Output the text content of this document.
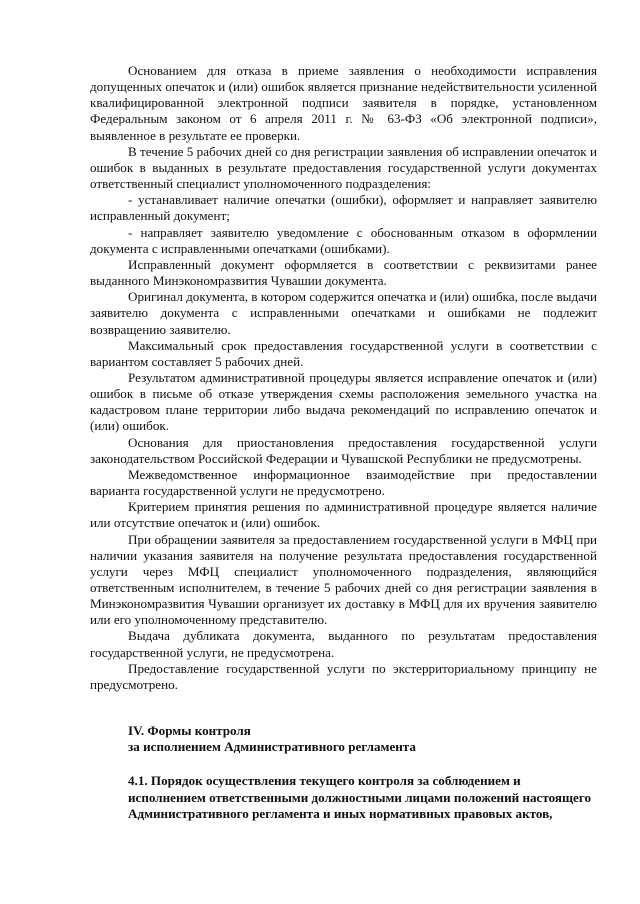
Основанием для отказа в приеме заявления о необходимости исправления допущенных опечаток и (или) ошибок является признание недействительности усиленной квалифицированной электронной подписи заявителя в порядке, установленном Федеральным законом от 6 апреля 2011 г. № 63-ФЗ «Об электронной подписи», выявленное в результате ее проверки.

В течение 5 рабочих дней со дня регистрации заявления об исправлении опечаток и ошибок в выданных в результате предоставления государственной услуги документах ответственный специалист уполномоченного подразделения:

- устанавливает наличие опечатки (ошибки), оформляет и направляет заявителю исправленный документ;

- направляет заявителю уведомление с обоснованным отказом в оформлении документа с исправленными опечатками (ошибками).

Исправленный документ оформляется в соответствии с реквизитами ранее выданного Минэкономразвития Чувашии документа.

Оригинал документа, в котором содержится опечатка и (или) ошибка, после выдачи заявителю документа с исправленными опечатками и ошибками не подлежит возвращению заявителю.

Максимальный срок предоставления государственной услуги в соответствии с вариантом составляет 5 рабочих дней.

Результатом административной процедуры является исправление опечаток и (или) ошибок в письме об отказе утверждения схемы расположения земельного участка на кадастровом плане территории либо выдача рекомендаций по исправлению опечаток и (или) ошибок.

Основания для приостановления предоставления государственной услуги законодательством Российской Федерации и Чувашской Республики не предусмотрены.

Межведомственное информационное взаимодействие при предоставлении варианта государственной услуги не предусмотрено.

Критерием принятия решения по административной процедуре является наличие или отсутствие опечаток и (или) ошибок.

При обращении заявителя за предоставлением государственной услуги в МФЦ при наличии указания заявителя на получение результата предоставления государственной услуги через МФЦ специалист уполномоченного подразделения, являющийся ответственным исполнителем, в течение 5 рабочих дней со дня регистрации заявления в Минэкономразвития Чувашии организует их доставку в МФЦ для их вручения заявителю или его уполномоченному представителю.

Выдача дубликата документа, выданного по результатам предоставления государственной услуги, не предусмотрена.

Предоставление государственной услуги по экстерриториальному принципу не предусмотрено.

IV. Формы контроля

за исполнением Административного регламента

4.1. Порядок осуществления текущего контроля за соблюдением и

исполнением ответственными должностными лицами положений настоящего

Административного регламента и иных нормативных правовых актов,
